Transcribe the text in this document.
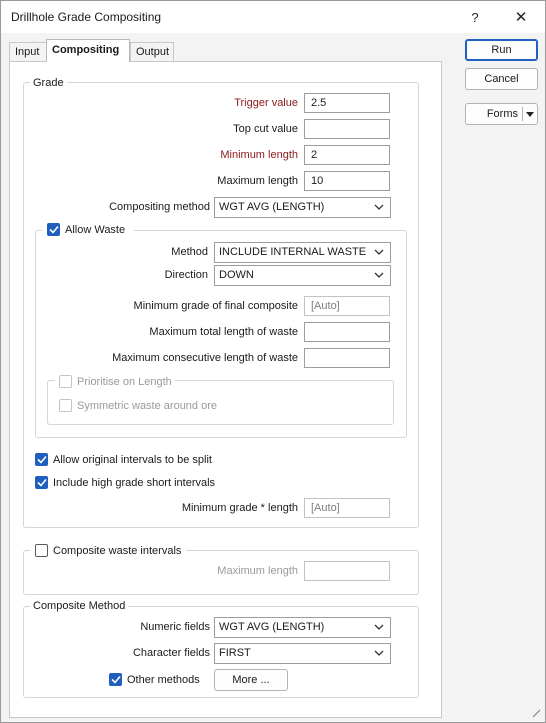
Drillhole Grade Compositing	?	✕
Input	Compositing	Output
Grade
Trigger value	2.5
Top cut value
Minimum length	2
Maximum length	10
Compositing method WGT AVG (LENGTH)
Allow Waste
Method	INCLUDE INTERNAL WASTE
Direction	DOWN
Minimum grade of final composite	[Auto]
Maximum total length of waste
Maximum consecutive length of waste
Prioritise on Length
Symmetric waste around ore
Allow original intervals to be split
Include high grade short intervals
Minimum grade * length	[Auto]
Composite waste intervals
Maximum length
Composite Method
Numeric fields WGT AVG (LENGTH)
Character fields FIRST
Other methods	More ...
Run
Cancel
Forms
